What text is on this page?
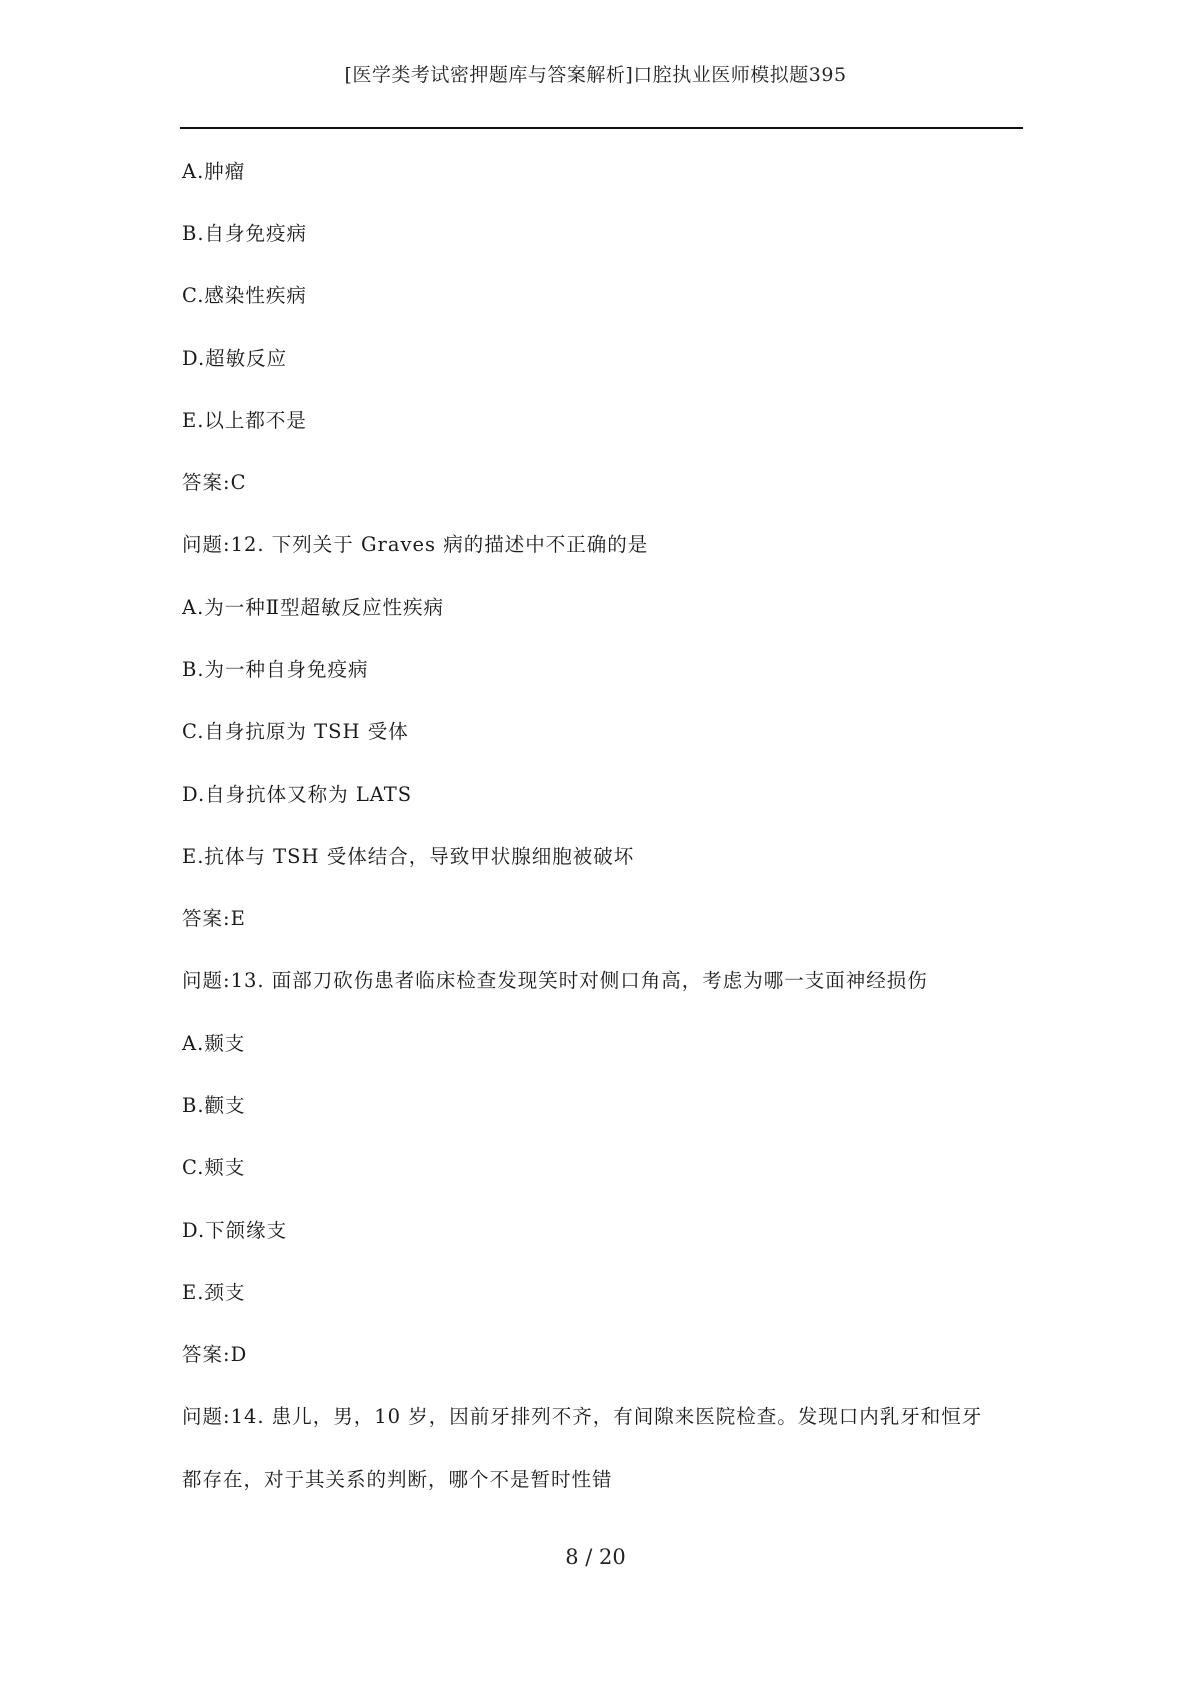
[医学类考试密押题库与答案解析]口腔执业医师模拟题395
A.肿瘤
B.自身免疫病
C.感染性疾病
D.超敏反应
E.以上都不是
答案:C
问题:12. 下列关于 Graves 病的描述中不正确的是
A.为一种Ⅱ型超敏反应性疾病
B.为一种自身免疫病
C.自身抗原为 TSH 受体
D.自身抗体又称为 LATS
E.抗体与 TSH 受体结合，导致甲状腺细胞被破坏
答案:E
问题:13. 面部刀砍伤患者临床检查发现笑时对侧口角高，考虑为哪一支面神经损伤
A.颞支
B.颧支
C.颊支
D.下颌缘支
E.颈支
答案:D
问题:14. 患儿，男，10 岁，因前牙排列不齐，有间隙来医院检查。发现口内乳牙和恒牙
都存在，对于其关系的判断，哪个不是暂时性错
8 / 20
